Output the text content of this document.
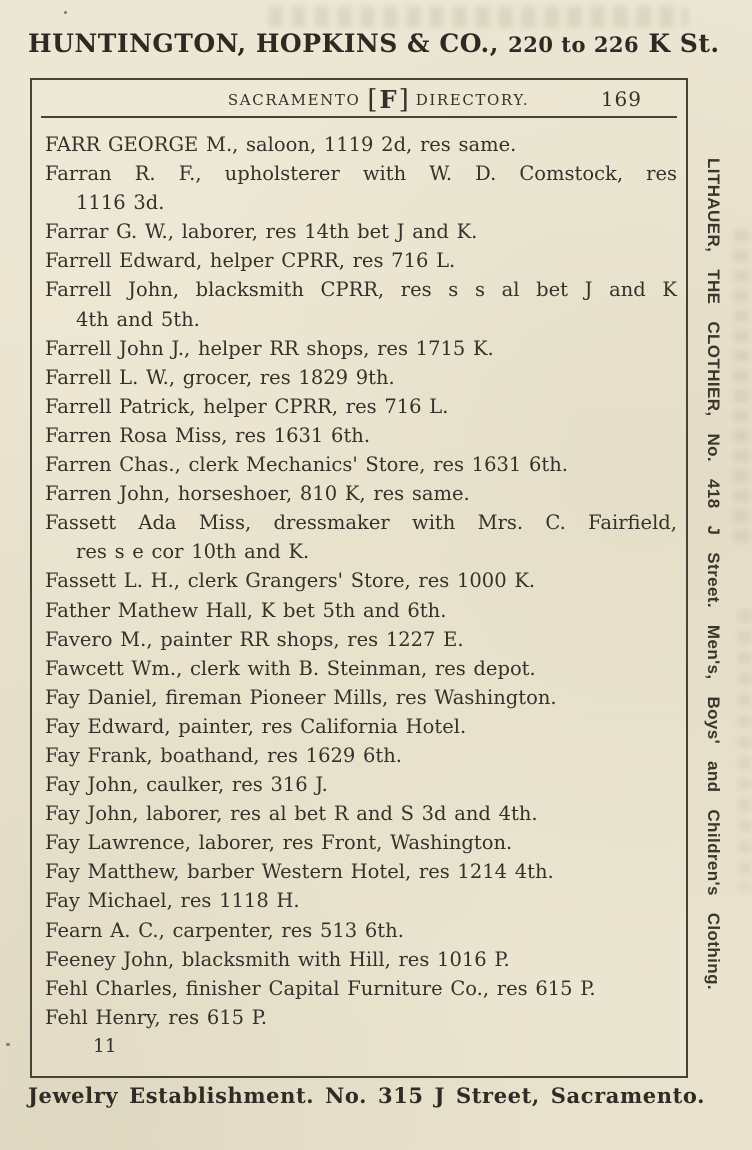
HUNTINGTON, HOPKINS & CO., 220 to 226 K St.
SACRAMENTO [ F ] DIRECTORY.	169
FARR GEORGE M., saloon, 1119 2d, res same.
Farran R. F., upholsterer with W. D. Comstock, res
1116 3d.
Farrar G. W., laborer, res 14th bet J and K.
Farrell Edward, helper CPRR, res 716 L.
Farrell John, blacksmith CPRR, res s s al bet J and K
4th and 5th.
Farrell John J., helper RR shops, res 1715 K.
Farrell L. W., grocer, res 1829 9th.
Farrell Patrick, helper CPRR, res 716 L.
Farren Rosa Miss, res 1631 6th.
Farren Chas., clerk Mechanics' Store, res 1631 6th.
Farren John, horseshoer, 810 K, res same.
Fassett Ada Miss, dressmaker with Mrs. C. Fairfield,
res s e cor 10th and K.
Fassett L. H., clerk Grangers' Store, res 1000 K.
Father Mathew Hall, K bet 5th and 6th.
Favero M., painter RR shops, res 1227 E.
Fawcett Wm., clerk with B. Steinman, res depot.
Fay Daniel, fireman Pioneer Mills, res Washington.
Fay Edward, painter, res California Hotel.
Fay Frank, boathand, res 1629 6th.
Fay John, caulker, res 316 J.
Fay John, laborer, res al bet R and S 3d and 4th.
Fay Lawrence, laborer, res Front, Washington.
Fay Matthew, barber Western Hotel, res 1214 4th.
Fay Michael, res 1118 H.
Fearn A. C., carpenter, res 513 6th.
Feeney John, blacksmith with Hill, res 1016 P.
Fehl Charles, finisher Capital Furniture Co., res 615 P.
Fehl Henry, res 615 P.
11
LITHAUER, THE CLOTHIER, No. 418 J Street. Men's, Boys' and Children's Clothing.
Jewelry Establishment. No. 315 J Street, Sacramento.
